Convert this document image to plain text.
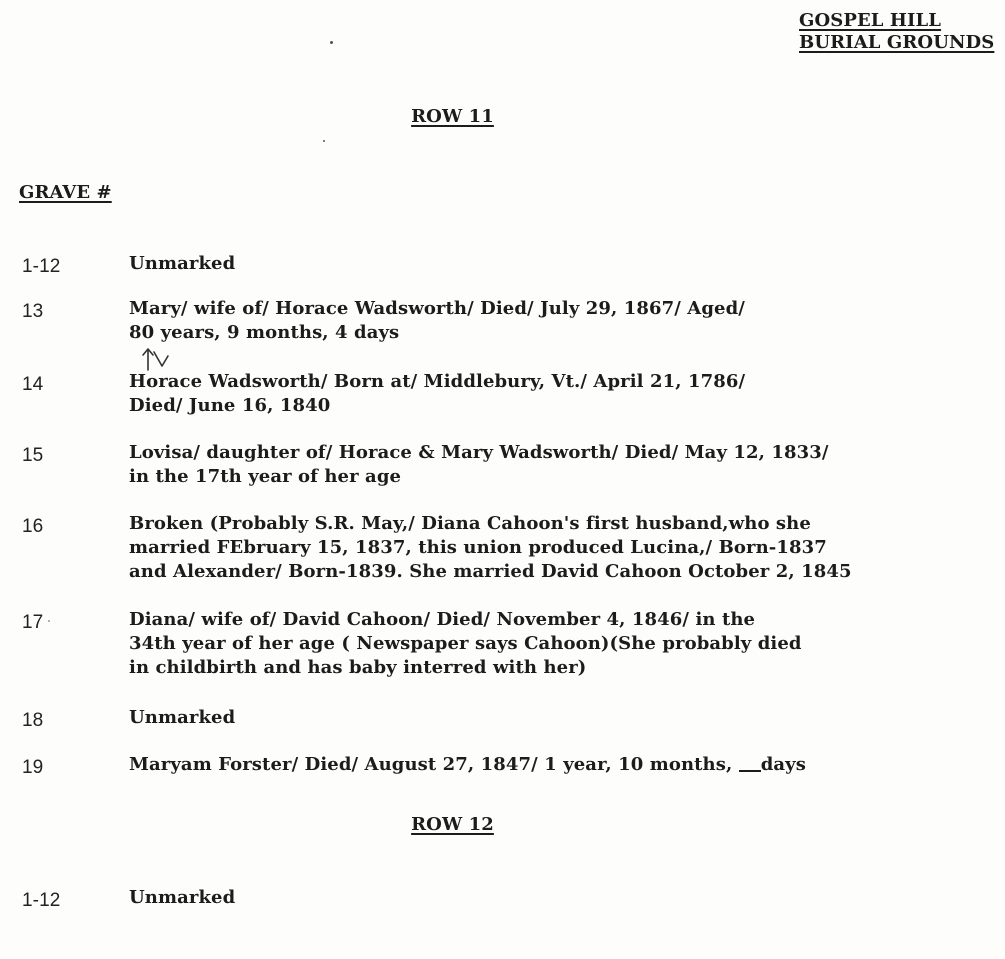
GOSPEL HILL
BURIAL GROUNDS
ROW 11
GRAVE #
1-12	Unmarked
13	Mary/ wife of/ Horace Wadsworth/ Died/ July 29, 1867/ Aged/
80 years, 9 months, 4 days
14	Horace Wadsworth/ Born at/ Middlebury, Vt./ April 21, 1786/
Died/ June 16, 1840
15	Lovisa/ daughter of/ Horace & Mary Wadsworth/ Died/ May 12, 1833/
in the 17th year of her age
16	Broken (Probably S.R. May,/ Diana Cahoon's first husband,who she
married FEbruary 15, 1837, this union produced Lucina,/ Born-1837
and Alexander/ Born-1839. She married David Cahoon October 2, 1845
17	Diana/ wife of/ David Cahoon/ Died/ November 4, 1846/ in the
34th year of her age ( Newspaper says Cahoon)(She probably died
in childbirth and has baby interred with her)
18	Unmarked
19	Maryam Forster/ Died/ August 27, 1847/ 1 year, 10 months, days
ROW 12
1-12	Unmarked
